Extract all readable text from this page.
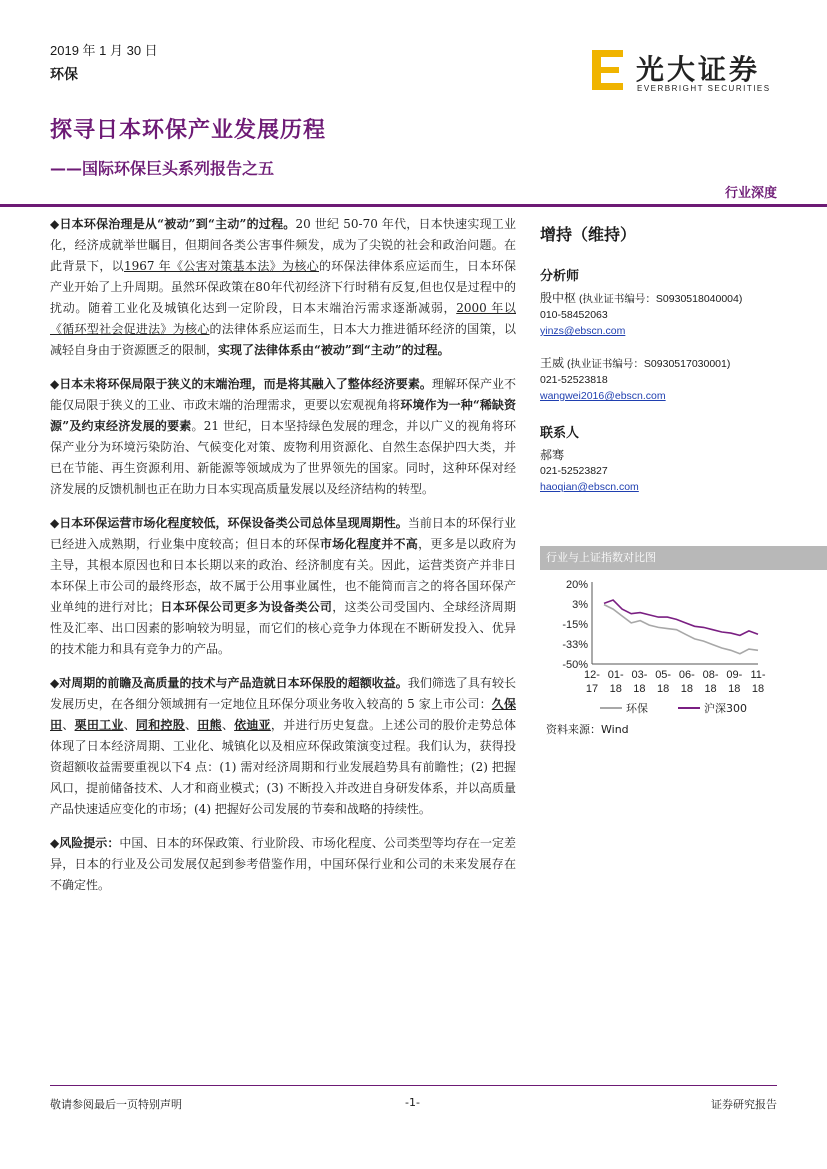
2019 年 1 月 30 日
环保	光大证券
EVERBRIGHT SECURITIES
探寻日本环保产业发展历程
——国际环保巨头系列报告之五
行业深度

◆日本环保治理是从“被动”到“主动”的过程。20 世纪 50-70 年代，日本快速实现工业化，经济成就举世瞩目，但期间各类公害事件频发，成为了尖锐的社会和政治问题。在此背景下，以1967 年《公害对策基本法》为核心的环保法律体系应运而生，日本环保产业开始了上升周期。虽然环保政策在80年代初经济下行时稍有反复,但也仅是过程中的扰动。随着工业化及城镇化达到一定阶段，日本末端治污需求逐渐减弱，2000 年以《循环型社会促进法》为核心的法律体系应运而生，日本大力推进循环经济的国策，以减轻自身由于资源匮乏的限制，实现了法律体系由“被动”到“主动”的过程。

◆日本未将环保局限于狭义的末端治理，而是将其融入了整体经济要素。理解环保产业不能仅局限于狭义的工业、市政末端的治理需求，更要以宏观视角将环境作为一种“稀缺资源”及约束经济发展的要素。21 世纪，日本坚持绿色发展的理念，并以广义的视角将环保产业分为环境污染防治、气候变化对策、废物利用资源化、自然生态保护四大类，并已在节能、再生资源利用、新能源等领域成为了世界领先的国家。同时，这种环保对经济发展的反馈机制也正在助力日本实现高质量发展以及经济结构的转型。

◆日本环保运营市场化程度较低，环保设备类公司总体呈现周期性。当前日本的环保行业已经进入成熟期，行业集中度较高；但日本的环保市场化程度并不高，更多是以政府为主导，其根本原因也和日本长期以来的政治、经济制度有关。因此，运营类资产并非日本环保上市公司的最终形态，故不属于公用事业属性，也不能简而言之的将各国环保产业单纯的进行对比；日本环保公司更多为设备类公司，这类公司受国内、全球经济周期性及汇率、出口因素的影响较为明显，而它们的核心竞争力体现在不断研发投入、优异的技术能力和具有竞争力的产品。

◆对周期的前瞻及高质量的技术与产品造就日本环保股的超额收益。我们筛选了具有较长发展历史，在各细分领域拥有一定地位且环保分项业务收入较高的 5 家上市公司：久保田、栗田工业、同和控股、田熊、依迪亚，并进行历史复盘。上述公司的股价走势总体体现了日本经济周期、工业化、城镇化以及相应环保政策演变过程。我们认为，获得投资超额收益需要重视以下4 点：(1) 需对经济周期和行业发展趋势具有前瞻性；(2) 把握风口，提前储备技术、人才和商业模式；(3) 不断投入并改进自身研发体系，并以高质量产品快速适应变化的市场；(4) 把握好公司发展的节奏和战略的持续性。

◆风险提示：中国、日本的环保政策、行业阶段、市场化程度、公司类型等均存在一定差异，日本的行业及公司发展仅起到参考借鉴作用，中国环保行业和公司的未来发展存在不确定性。

增持（维持）
分析师
殷中枢 (执业证书编号：S0930518040004)
010-58452063
yinzs@ebscn.com
王威 (执业证书编号：S0930517030001)
021-52523818
wangwei2016@ebscn.com
联系人
郝骞
021-52523827
haoqian@ebscn.com
行业与上证指数对比图
20%
3%
-15%
-33%
-50%
12-
17
01-
18
03-
18
05-
18
06-
18
08-
18
09-
18
11-
18
环保	沪深300
资料来源：Wind
敬请参阅最后一页特别声明	-1-	证券研究报告
